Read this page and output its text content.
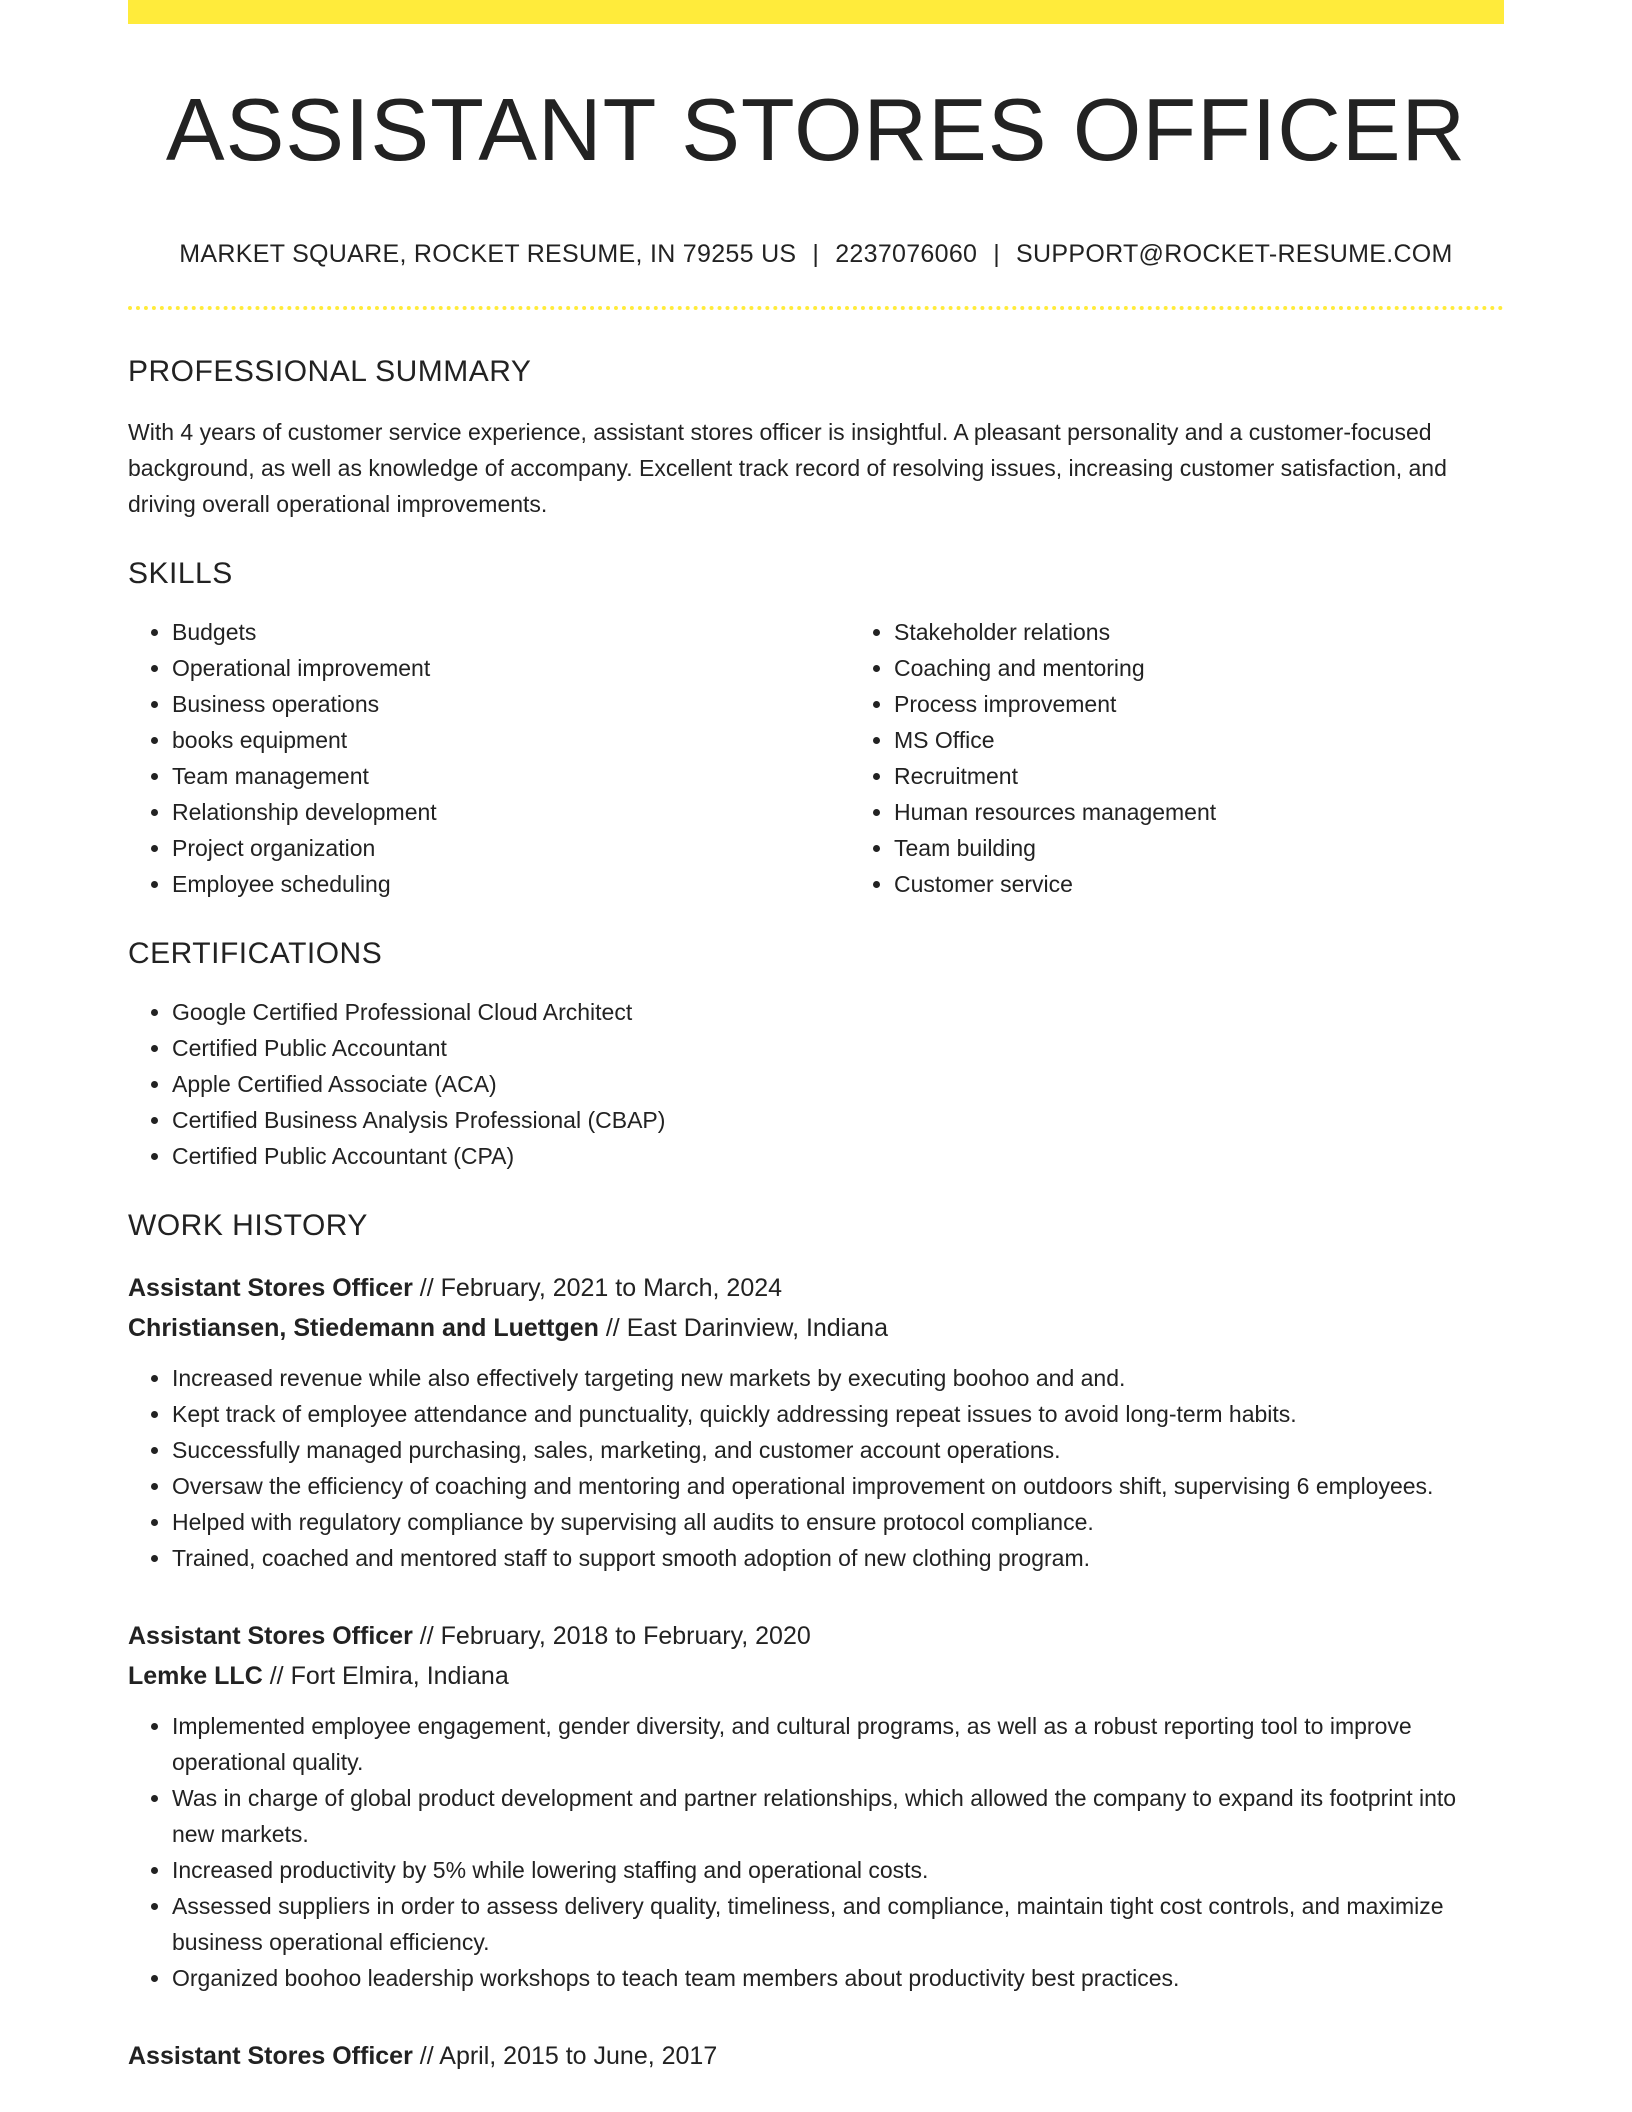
ASSISTANT STORES OFFICER
MARKET SQUARE, ROCKET RESUME, IN 79255 US | 2237076060 | SUPPORT@ROCKET-RESUME.COM
PROFESSIONAL SUMMARY

With 4 years of customer service experience, assistant stores officer is insightful. A pleasant personality and a customer-focused background, as well as knowledge of accompany. Excellent track record of resolving issues, increasing customer satisfaction, and driving overall operational improvements.

SKILLS
• Budgets
• Operational improvement
• Business operations
• books equipment
• Team management
• Relationship development
• Project organization
• Employee scheduling
• Stakeholder relations
• Coaching and mentoring
• Process improvement
• MS Office
• Recruitment
• Human resources management
• Team building
• Customer service
CERTIFICATIONS
• Google Certified Professional Cloud Architect
• Certified Public Accountant
• Apple Certified Associate (ACA)
• Certified Business Analysis Professional (CBAP)
• Certified Public Accountant (CPA)
WORK HISTORY
Assistant Stores Officer // February, 2021 to March, 2024
Christiansen, Stiedemann and Luettgen // East Darinview, Indiana
• Increased revenue while also effectively targeting new markets by executing boohoo and and.
• Kept track of employee attendance and punctuality, quickly addressing repeat issues to avoid long-term habits.
• Successfully managed purchasing, sales, marketing, and customer account operations.
• Oversaw the efficiency of coaching and mentoring and operational improvement on outdoors shift, supervising 6 employees.
• Helped with regulatory compliance by supervising all audits to ensure protocol compliance.
• Trained, coached and mentored staff to support smooth adoption of new clothing program.
Assistant Stores Officer // February, 2018 to February, 2020
Lemke LLC // Fort Elmira, Indiana
• Implemented employee engagement, gender diversity, and cultural programs, as well as a robust reporting tool to improve operational quality.
• Was in charge of global product development and partner relationships, which allowed the company to expand its footprint into new markets.
• Increased productivity by 5% while lowering staffing and operational costs.
• Assessed suppliers in order to assess delivery quality, timeliness, and compliance, maintain tight cost controls, and maximize business operational efficiency.
• Organized boohoo leadership workshops to teach team members about productivity best practices.
Assistant Stores Officer // April, 2015 to June, 2017
